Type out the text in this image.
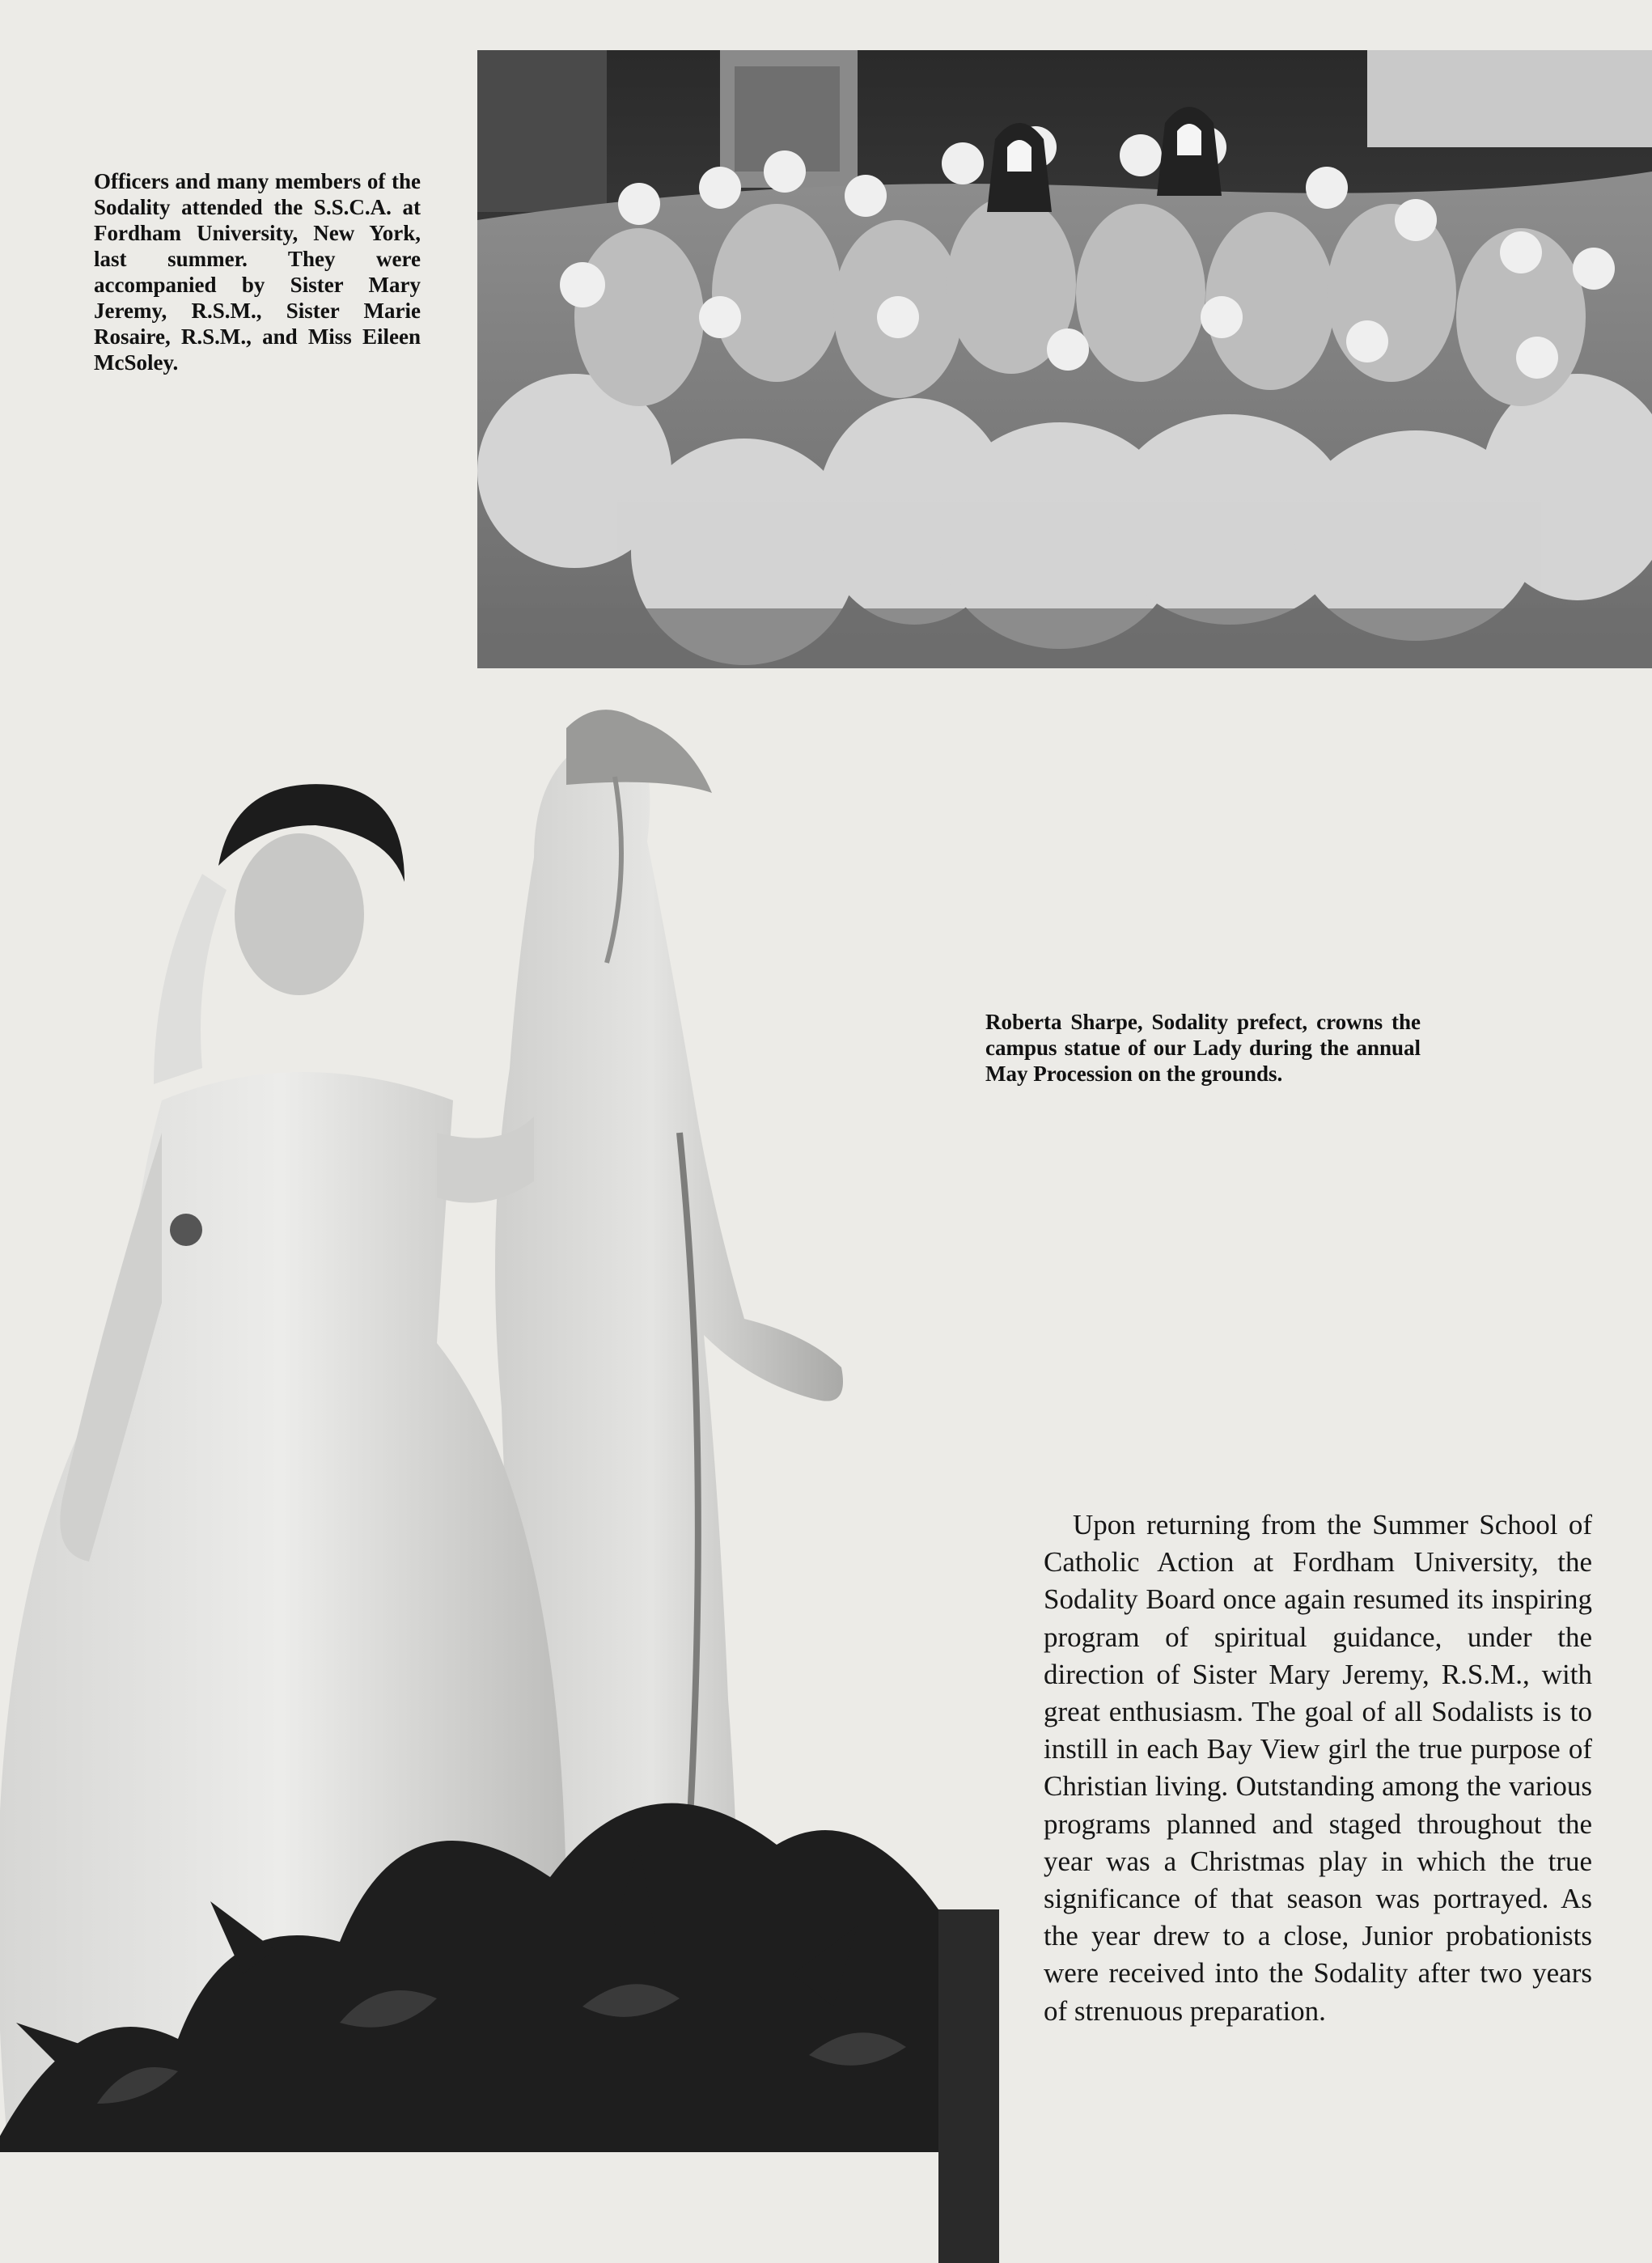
Officers and many members of the Sodality attended the S.S.C.A. at Fordham University, New York, last summer. They were accompanied by Sister Mary Jeremy, R.S.M., Sister Marie Rosaire, R.S.M., and Miss Eileen McSoley.
Roberta Sharpe, Sodality prefect, crowns the campus statue of our Lady during the annual May Procession on the grounds.
Upon returning from the Summer School of Catholic Action at Fordham University, the Sodality Board once again resumed its inspiring program of spiritual guidance, under the direction of Sister Mary Jeremy, R.S.M., with great enthusiasm. The goal of all Sodalists is to instill in each Bay View girl the true purpose of Christian living. Outstanding among the various programs planned and staged throughout the year was a Christmas play in which the true significance of that season was portrayed. As the year drew to a close, Junior probationists were received into the Sodality after two years of strenuous preparation.
